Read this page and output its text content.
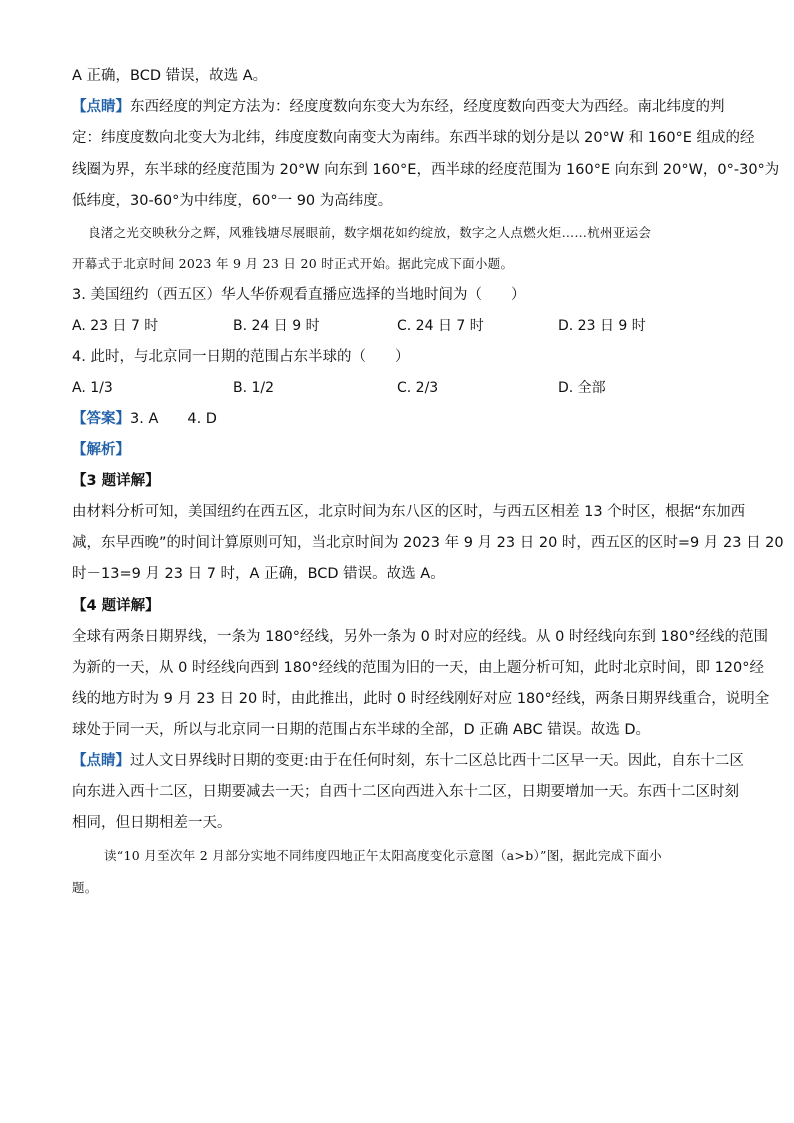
A 正确，BCD 错误，故选 A。
【点睛】东西经度的判定方法为：经度度数向东变大为东经，经度度数向西变大为西经。南北纬度的判
定：纬度度数向北变大为北纬，纬度度数向南变大为南纬。东西半球的划分是以 20°W 和 160°E 组成的经
线圈为界，东半球的经度范围为 20°W 向东到 160°E，西半球的经度范围为 160°E 向东到 20°W，0°-30°为
低纬度，30-60°为中纬度，60°一 90 为高纬度。
良渚之光交映秋分之辉，风雅钱塘尽展眼前，数字烟花如约绽放，数字之人点燃火炬……杭州亚运会
开幕式于北京时间 2023 年 9 月 23 日 20 时正式开始。据此完成下面小题。
3. 美国纽约（西五区）华人华侨观看直播应选择的当地时间为（　　）
A. 23 日 7 时	B. 24 日 9 时	C. 24 日 7 时	D. 23 日 9 时
4. 此时，与北京同一日期的范围占东半球的（　　）
A. 1/3	B. 1/2	C. 2/3	D. 全部
【答案】3. A　　4. D
【解析】
【3 题详解】
由材料分析可知，美国纽约在西五区，北京时间为东八区的区时，与西五区相差 13 个时区，根据“东加西
减，东早西晚”的时间计算原则可知，当北京时间为 2023 年 9 月 23 日 20 时，西五区的区时=9 月 23 日 20
时－13=9 月 23 日 7 时，A 正确，BCD 错误。故选 A。
【4 题详解】
全球有两条日期界线，一条为 180°经线，另外一条为 0 时对应的经线。从 0 时经线向东到 180°经线的范围
为新的一天，从 0 时经线向西到 180°经线的范围为旧的一天，由上题分析可知，此时北京时间，即 120°经
线的地方时为 9 月 23 日 20 时，由此推出，此时 0 时经线刚好对应 180°经线，两条日期界线重合，说明全
球处于同一天，所以与北京同一日期的范围占东半球的全部，D 正确 ABC 错误。故选 D。
【点睛】过人文日界线时日期的变更:由于在任何时刻，东十二区总比西十二区早一天。因此，自东十二区
向东进入西十二区，日期要减去一天；自西十二区向西进入东十二区，日期要增加一天。东西十二区时刻
相同，但日期相差一天。
读“10 月至次年 2 月部分实地不同纬度四地正午太阳高度变化示意图（a>b）”图，据此完成下面小
题。
